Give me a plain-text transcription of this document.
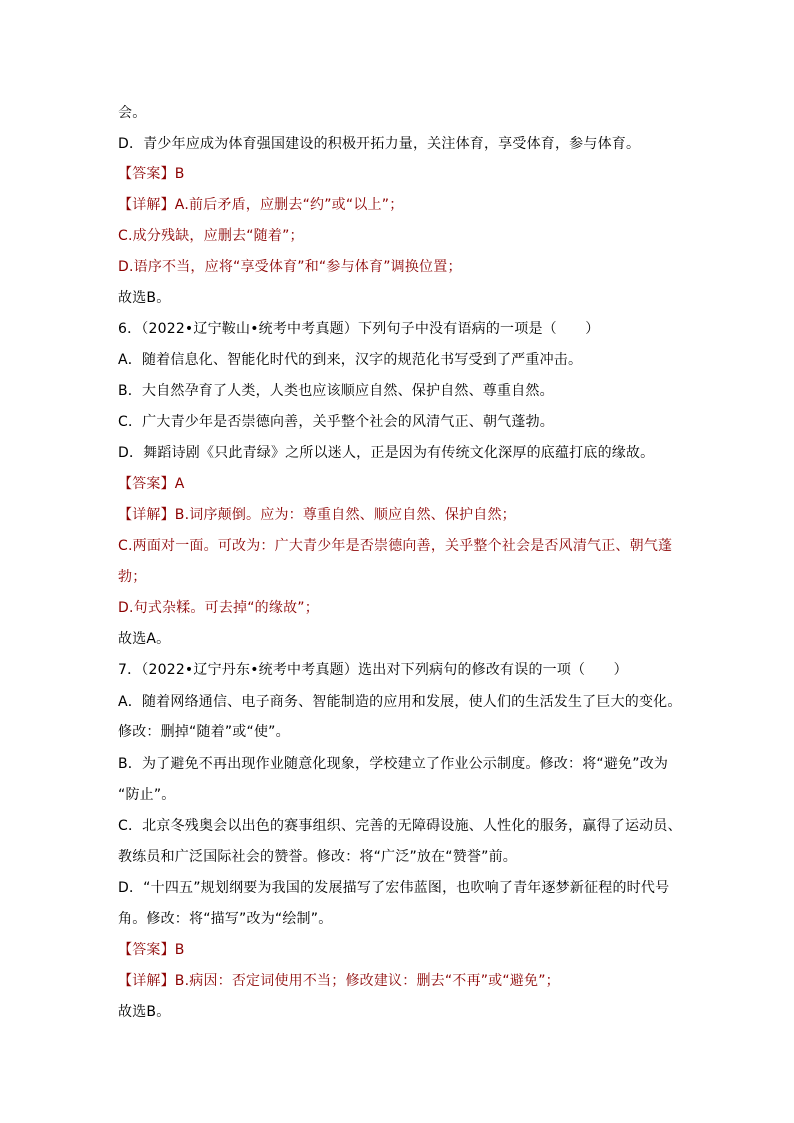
会。
D．青少年应成为体育强国建设的积极开拓力量，关注体育，享受体育，参与体育。
【答案】B
【详解】A.前后矛盾，应删去“约”或“以上”；
C.成分残缺，应删去“随着”；
D.语序不当，应将“享受体育”和“参与体育”调换位置；
故选B。
6．（2022•辽宁鞍山•统考中考真题）下列句子中没有语病的一项是（　　）
A．随着信息化、智能化时代的到来，汉字的规范化书写受到了严重冲击。
B．大自然孕育了人类，人类也应该顺应自然、保护自然、尊重自然。
C．广大青少年是否崇德向善，关乎整个社会的风清气正、朝气蓬勃。
D．舞蹈诗剧《只此青绿》之所以迷人，正是因为有传统文化深厚的底蕴打底的缘故。
【答案】A
【详解】B.词序颠倒。应为：尊重自然、顺应自然、保护自然；
C.两面对一面。可改为：广大青少年是否崇德向善，关乎整个社会是否风清气正、朝气蓬
勃；
D.句式杂糅。可去掉“的缘故”；
故选A。
7．（2022•辽宁丹东•统考中考真题）选出对下列病句的修改有误的一项（　　）
A．随着网络通信、电子商务、智能制造的应用和发展，使人们的生活发生了巨大的变化。
修改：删掉“随着”或“使”。
B．为了避免不再出现作业随意化现象，学校建立了作业公示制度。修改：将“避免”改为
“防止”。
C．北京冬残奥会以出色的赛事组织、完善的无障碍设施、人性化的服务，赢得了运动员、
教练员和广泛国际社会的赞誉。修改：将“广泛”放在“赞誉”前。
D．“十四五”规划纲要为我国的发展描写了宏伟蓝图，也吹响了青年逐梦新征程的时代号
角。修改：将“描写”改为“绘制”。
【答案】B
【详解】B.病因：否定词使用不当；修改建议：删去“不再”或“避免”；
故选B。
